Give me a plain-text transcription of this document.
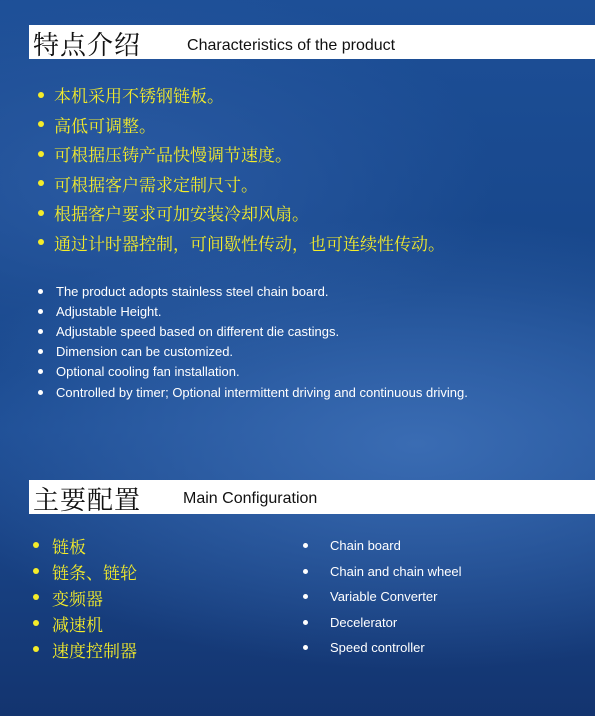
特点介绍	Characteristics of the product
本机采用不锈钢链板。
高低可调整。
可根据压铸产品快慢调节速度。
可根据客户需求定制尺寸。
根据客户要求可加安装冷却风扇。
通过计时器控制，可间歇性传动，也可连续性传动。
The product adopts stainless steel chain board.
Adjustable Height.
Adjustable speed based on different die castings.
Dimension can be customized.
Optional cooling fan installation.
Controlled by timer; Optional intermittent driving and continuous driving.
主要配置	Main Configuration
链板
链条、链轮
变频器
减速机
速度控制器
Chain board
Chain and chain wheel
Variable Converter
Decelerator
Speed controller
